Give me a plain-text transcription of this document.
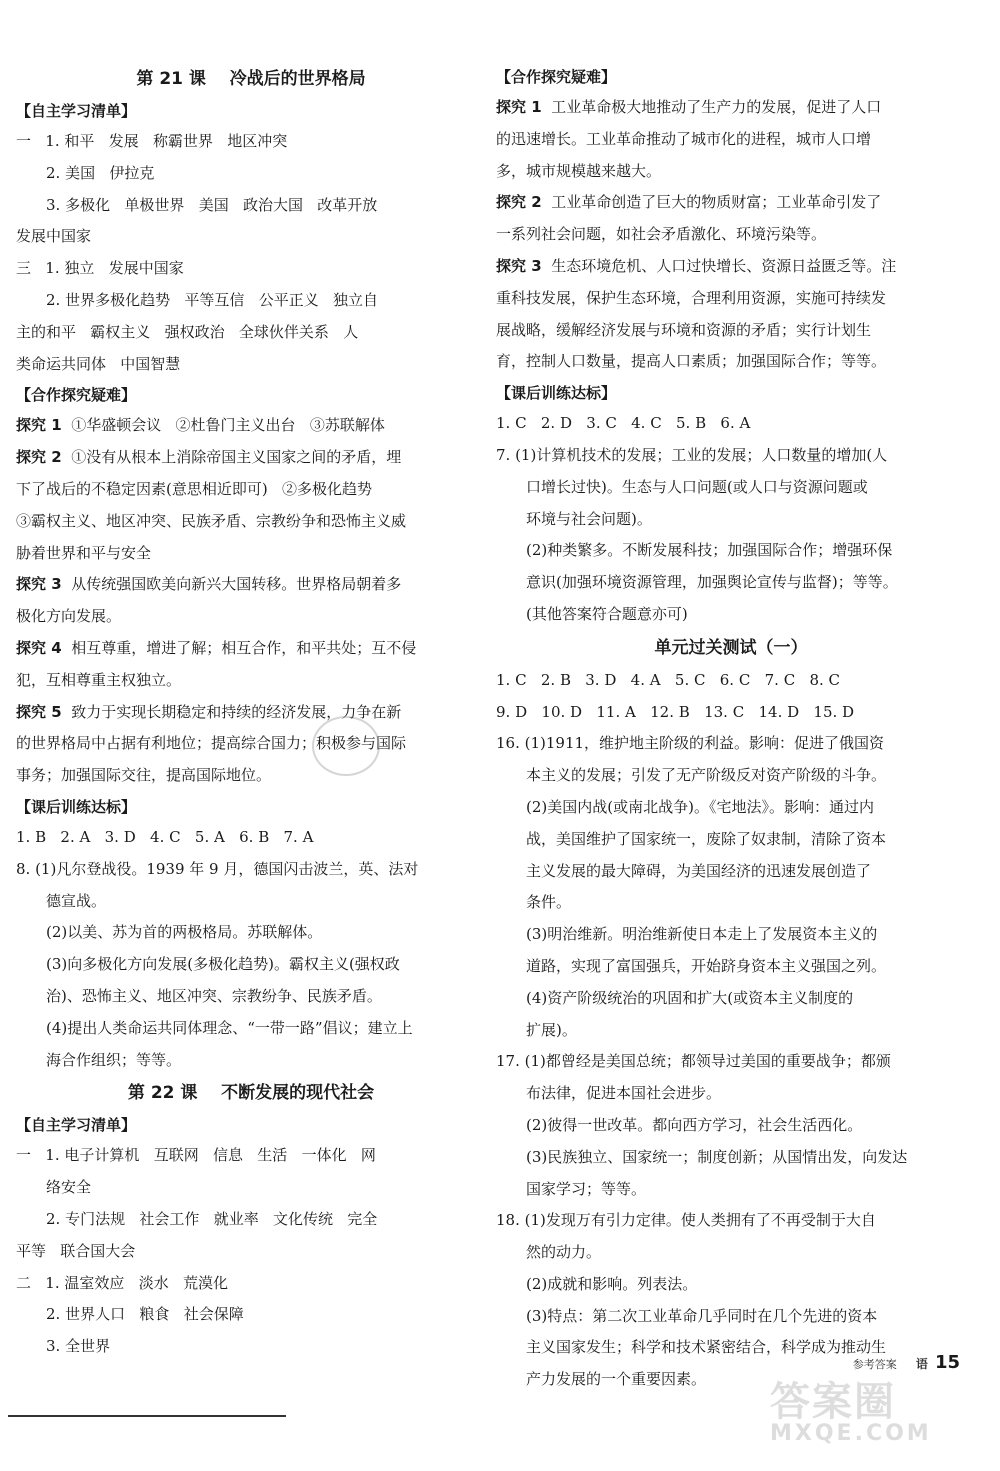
第 21 课    冷战后的世界格局
【自主学习清单】
一   1. 和平   发展   称霸世界   地区冲突
2. 美国   伊拉克
3. 多极化   单极世界   美国   政治大国   改革开放
发展中国家
三   1. 独立   发展中国家
2. 世界多极化趋势   平等互信   公平正义   独立自
主的和平   霸权主义   强权政治   全球伙伴关系   人
类命运共同体   中国智慧
【合作探究疑难】
探究 1  ①华盛顿会议   ②杜鲁门主义出台   ③苏联解体
探究 2  ①没有从根本上消除帝国主义国家之间的矛盾，埋
下了战后的不稳定因素(意思相近即可)   ②多极化趋势
③霸权主义、地区冲突、民族矛盾、宗教纷争和恐怖主义威
胁着世界和平与安全
探究 3  从传统强国欧美向新兴大国转移。世界格局朝着多
极化方向发展。
探究 4  相互尊重，增进了解；相互合作，和平共处；互不侵
犯，互相尊重主权独立。
探究 5  致力于实现长期稳定和持续的经济发展，力争在新
的世界格局中占据有利地位；提高综合国力；积极参与国际
事务；加强国际交往，提高国际地位。
【课后训练达标】
1. B   2. A   3. D   4. C   5. A   6. B   7. A
8. (1)凡尔登战役。1939 年 9 月，德国闪击波兰，英、法对
德宣战。
(2)以美、苏为首的两极格局。苏联解体。
(3)向多极化方向发展(多极化趋势)。霸权主义(强权政
治)、恐怖主义、地区冲突、宗教纷争、民族矛盾。
(4)提出人类命运共同体理念、“一带一路”倡议；建立上
海合作组织；等等。
第 22 课    不断发展的现代社会
【自主学习清单】
一   1. 电子计算机   互联网   信息   生活   一体化   网
络安全
2. 专门法规   社会工作   就业率   文化传统   完全
平等   联合国大会
二   1. 温室效应   淡水   荒漠化
2. 世界人口   粮食   社会保障
3. 全世界
【合作探究疑难】
探究 1  工业革命极大地推动了生产力的发展，促进了人口
的迅速增长。工业革命推动了城市化的进程，城市人口增
多，城市规模越来越大。
探究 2  工业革命创造了巨大的物质财富；工业革命引发了
一系列社会问题，如社会矛盾激化、环境污染等。
探究 3  生态环境危机、人口过快增长、资源日益匮乏等。注
重科技发展，保护生态环境，合理利用资源，实施可持续发
展战略，缓解经济发展与环境和资源的矛盾；实行计划生
育，控制人口数量，提高人口素质；加强国际合作；等等。
【课后训练达标】
1. C   2. D   3. C   4. C   5. B   6. A
7. (1)计算机技术的发展；工业的发展；人口数量的增加(人
口增长过快)。生态与人口问题(或人口与资源问题或
环境与社会问题)。
(2)种类繁多。不断发展科技；加强国际合作；增强环保
意识(加强环境资源管理，加强舆论宣传与监督)；等等。
(其他答案符合题意亦可)
单元过关测试（一）
1. C   2. B   3. D   4. A   5. C   6. C   7. C   8. C
9. D   10. D   11. A   12. B   13. C   14. D   15. D
16. (1)1911，维护地主阶级的利益。影响：促进了俄国资
本主义的发展；引发了无产阶级反对资产阶级的斗争。
(2)美国内战(或南北战争)。《宅地法》。影响：通过内
战，美国维护了国家统一，废除了奴隶制，清除了资本
主义发展的最大障碍，为美国经济的迅速发展创造了
条件。
(3)明治维新。明治维新使日本走上了发展资本主义的
道路，实现了富国强兵，开始跻身资本主义强国之列。
(4)资产阶级统治的巩固和扩大(或资本主义制度的
扩展)。
17. (1)都曾经是美国总统；都领导过美国的重要战争；都颁
布法律，促进本国社会进步。
(2)彼得一世改革。都向西方学习，社会生活西化。
(3)民族独立、国家统一；制度创新；从国情出发，向发达
国家学习；等等。
18. (1)发现万有引力定律。使人类拥有了不再受制于大自
然的动力。
(2)成就和影响。列表法。
(3)特点：第二次工业革命几乎同时在几个先进的资本
主义国家发生；科学和技术紧密结合，科学成为推动生
产力发展的一个重要因素。
参考答案 语 15
答案圈
MXQE.COM
